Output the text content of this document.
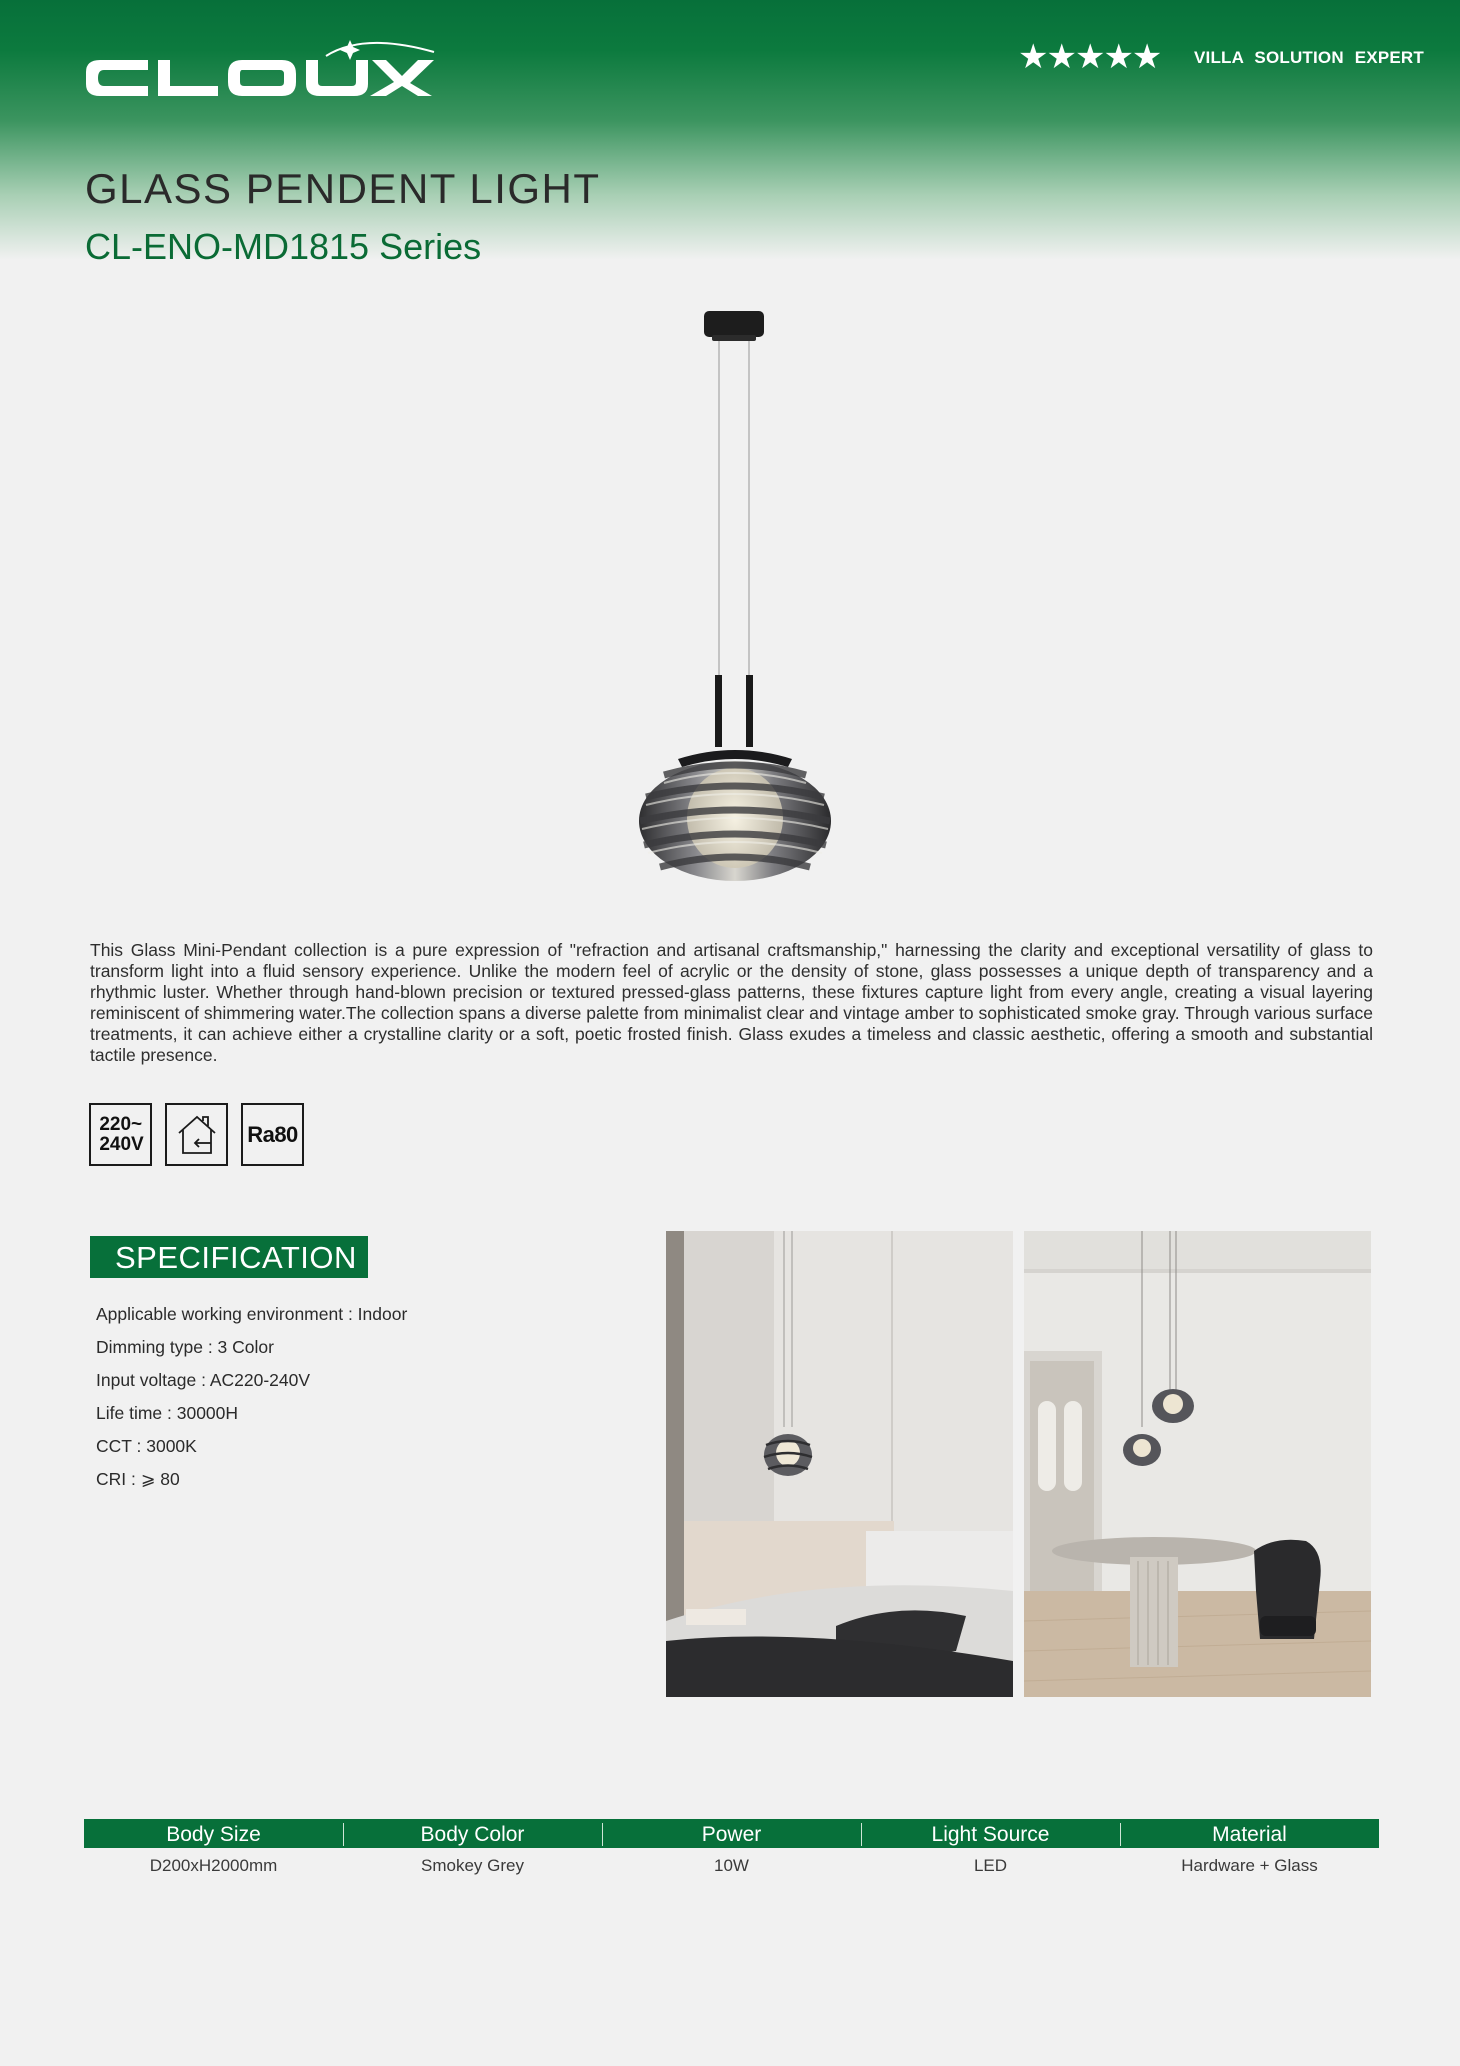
★★★★★ VILLA SOLUTION EXPERT
GLASS PENDENT LIGHT
CL-ENO-MD1815 Series

This Glass Mini-Pendant collection is a pure expression of "refraction and artisanal craftsmanship," harnessing the clarity and exceptional versatility of glass to transform light into a fluid sensory experience. Unlike the modern feel of acrylic or the density of stone, glass possesses a unique depth of transparency and a rhythmic luster. Whether through hand-blown precision or textured pressed-glass patterns, these fixtures capture light from every angle, creating a visual layering reminiscent of shimmering water.The collection spans a diverse palette from minimalist clear and vintage amber to sophisticated smoke gray. Through various surface treatments, it can achieve either a crystalline clarity or a soft, poetic frosted finish. Glass exudes a timeless and classic aesthetic, offering a smooth and substantial tactile presence.

220~
240V	Ra80
SPECIFICATION
Applicable working environment : Indoor
Dimming type : 3 Color
Input voltage : AC220-240V
Life time : 30000H
CCT : 3000K
CRI : ⩾ 80
Body Size	Body Color	Power	Light Source	Material
D200xH2000mm	Smokey Grey	10W	LED	Hardware + Glass
